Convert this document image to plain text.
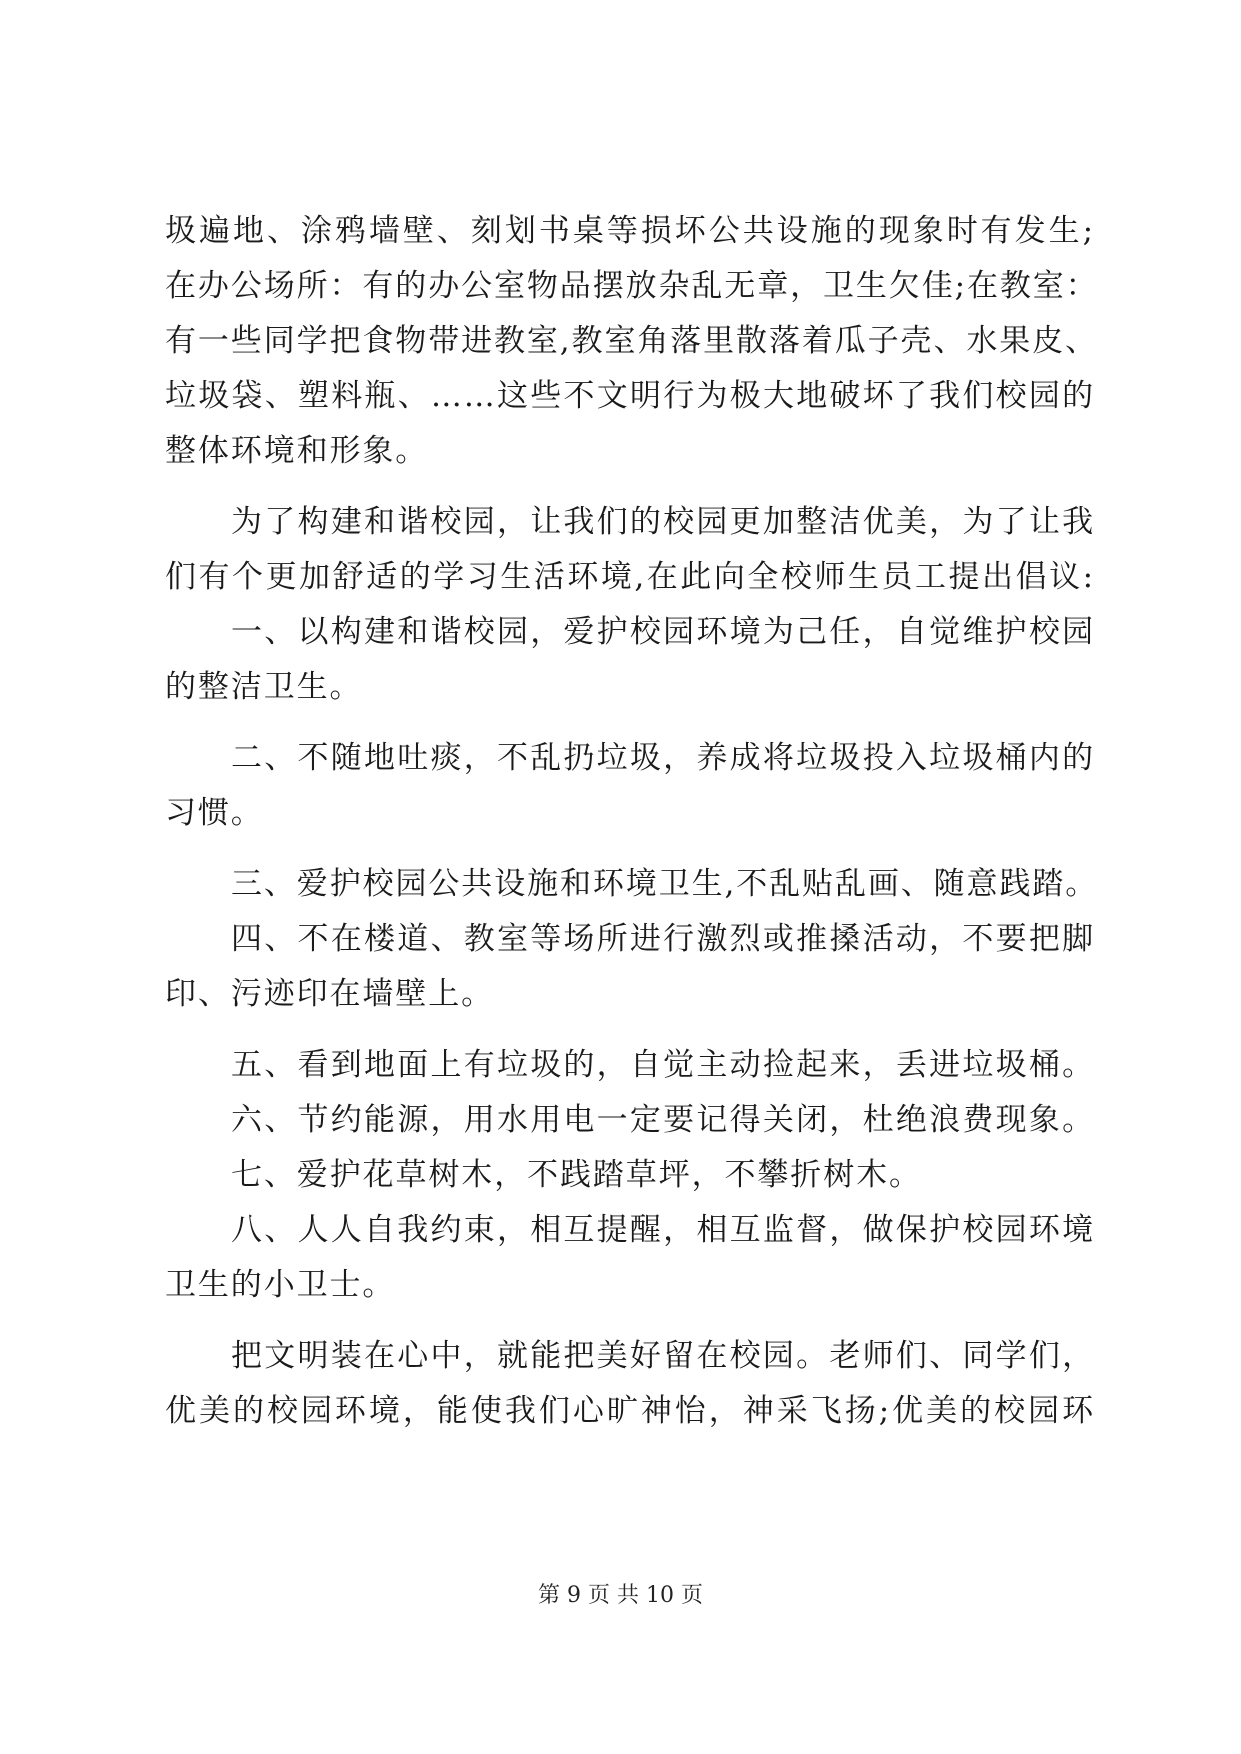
圾遍地、涂鸦墙壁、刻划书桌等损坏公共设施的现象时有发生;
在办公场所：有的办公室物品摆放杂乱无章，卫生欠佳;在教室：
有一些同学把食物带进教室,教室角落里散落着瓜子壳、水果皮、
垃圾袋、塑料瓶、……这些不文明行为极大地破坏了我们校园的
整体环境和形象。
为了构建和谐校园，让我们的校园更加整洁优美，为了让我
们有个更加舒适的学习生活环境,在此向全校师生员工提出倡议:
一、以构建和谐校园，爱护校园环境为己任，自觉维护校园
的整洁卫生。
二、不随地吐痰，不乱扔垃圾，养成将垃圾投入垃圾桶内的
习惯。
三、爱护校园公共设施和环境卫生,不乱贴乱画、随意践踏。
四、不在楼道、教室等场所进行激烈或推搡活动，不要把脚
印、污迹印在墙壁上。
五、看到地面上有垃圾的，自觉主动捡起来，丢进垃圾桶。
六、节约能源，用水用电一定要记得关闭，杜绝浪费现象。
七、爱护花草树木，不践踏草坪，不攀折树木。
八、人人自我约束，相互提醒，相互监督，做保护校园环境
卫生的小卫士。
把文明装在心中，就能把美好留在校园。老师们、同学们，
优美的校园环境，能使我们心旷神怡，神采飞扬;优美的校园环
第 9 页 共 10 页
